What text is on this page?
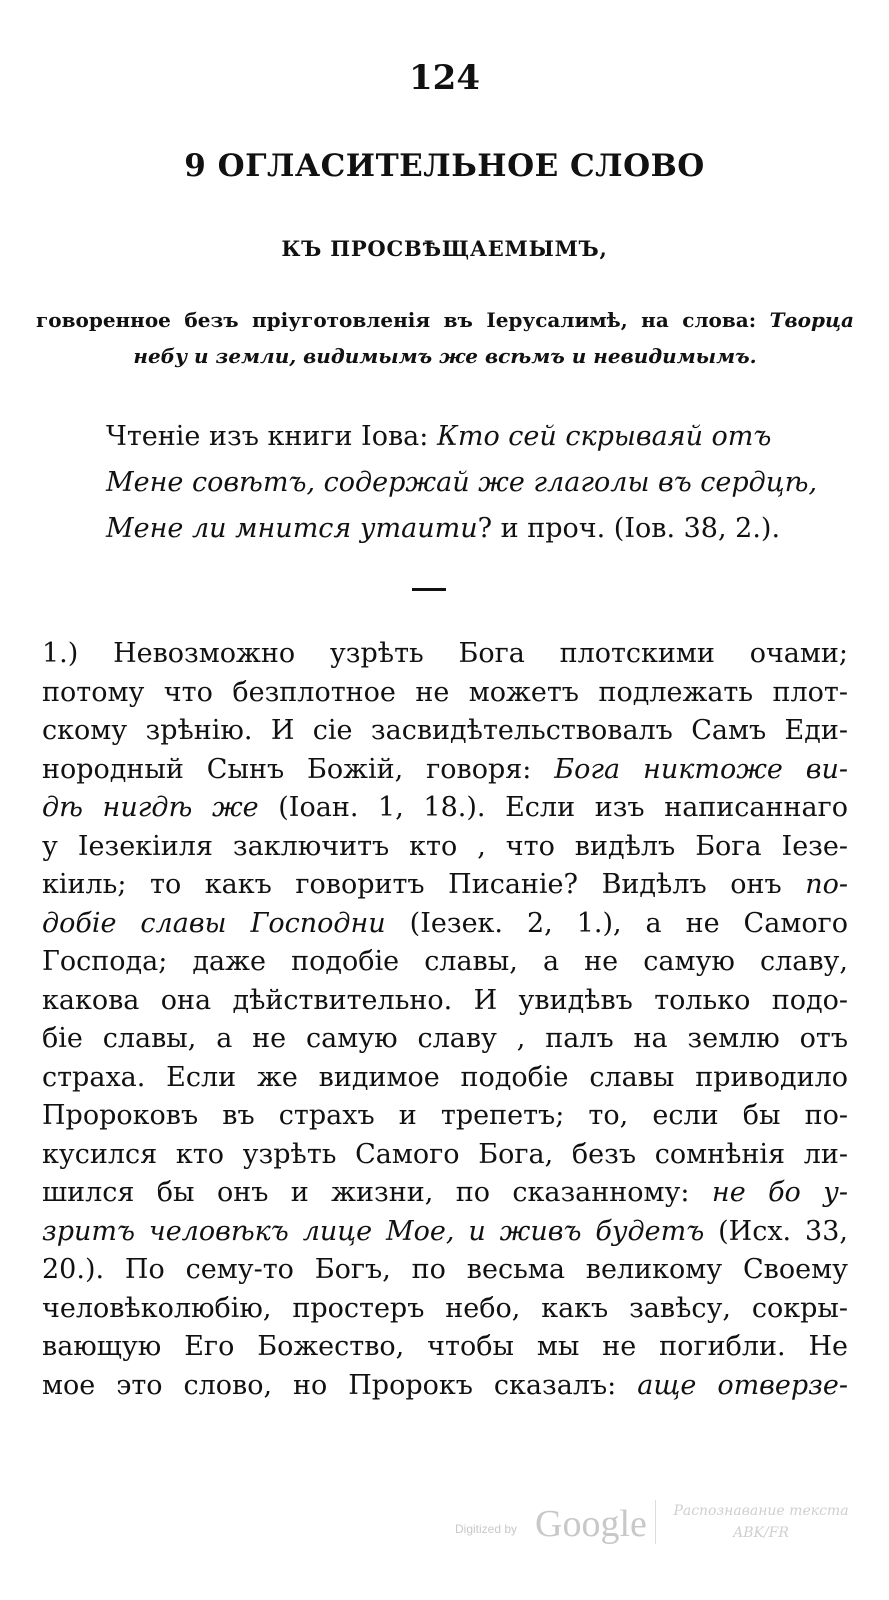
124
9 ОГЛАСИТЕЛЬНОЕ СЛОВО
КЪ ПРОСВѢЩАЕМЫМЪ,
говоренное безъ пріуготовленія въ Іерусалимѣ, на слова: Творца
небу и земли, видимымъ же всѣмъ и невидимымъ.
Чтеніе изъ книги Іова: Кто сей скрываяй отъ
Мене совѣтъ, содержай же глаголы въ сердцѣ,
Мене ли мнится утаити? и проч. (Іов. 38, 2.).
1.) Невозможно узрѣть Бога плотскими очами;
потому что безплотное не можетъ подлежать плот-
скому зрѣнію. И сіе засвидѣтельствовалъ Самъ Еди-
нородный Сынъ Божій, говоря: Бога никтоже ви-
дѣ нигдѣ же (Іоан. 1, 18.). Если изъ написаннаго
у Іезекіиля заключитъ кто , что видѣлъ Бога Іезе-
кіиль; то какъ говоритъ Писаніе? Видѣлъ онъ по-
добіе славы Господни (Іезек. 2, 1.), а не Самого
Господа; даже подобіе славы, а не самую славу,
какова она дѣйствительно. И увидѣвъ только подо-
біе славы, а не самую славу , палъ на землю отъ
страха. Если же видимое подобіе славы приводило
Пророковъ въ страхъ и трепетъ; то, если бы по-
кусился кто узрѣть Самого Бога, безъ сомнѣнія ли-
шился бы онъ и жизни, по сказанному: не бо у-
зритъ человѣкъ лице Мое, и живъ будетъ (Исх. 33,
20.). По сему-то Богъ, по весьма великому Своему
человѣколюбію, простеръ небо, какъ завѣсу, сокры-
вающую Его Божество, чтобы мы не погибли. Не
мое это слово, но Пророкъ сказалъ: аще отверзе-
Digitized by Google	Распознавание текста
ABK/FR
